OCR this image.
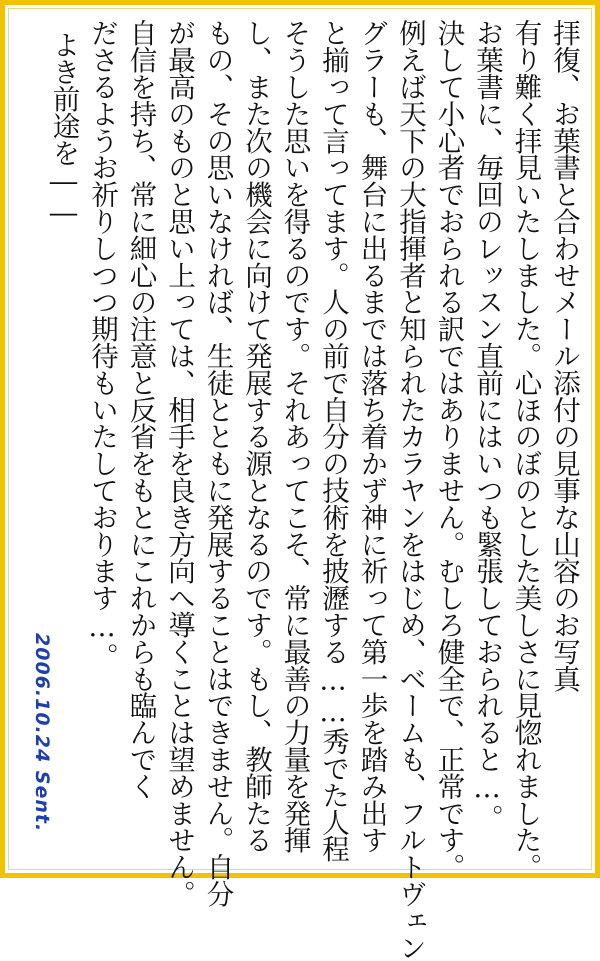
拝復、お葉書と合わせメール添付の見事な山容のお写真
有り難く拝見いたしました。心ほのぼのとした美しさに見惚れました。
お葉書に、毎回のレッスン直前にはいつも緊張しておられると…。
決して小心者でおられる訳ではありません。むしろ健全で、正常です。
例えば天下の大指揮者と知られたカラヤンをはじめ、ベームも、フルトヴェン
グラーも、舞台に出るまでは落ち着かず神に祈って第一歩を踏み出す
と揃って言ってます。人の前で自分の技術を披瀝する……秀でた人程
そうした思いを得るのです。それあってこそ、常に最善の力量を発揮
し、また次の機会に向けて発展する源となるのです。もし、教師たる
もの、その思いなければ、生徒とともに発展することはできません。自分
が最高のものと思い上っては、相手を良き方向へ導くことは望めません。
自信を持ち、常に細心の注意と反省をもとにこれからも臨んでく
ださるようお祈りしつつ期待もいたしております…。
よき前途を――
2006.10.24 Sent.
